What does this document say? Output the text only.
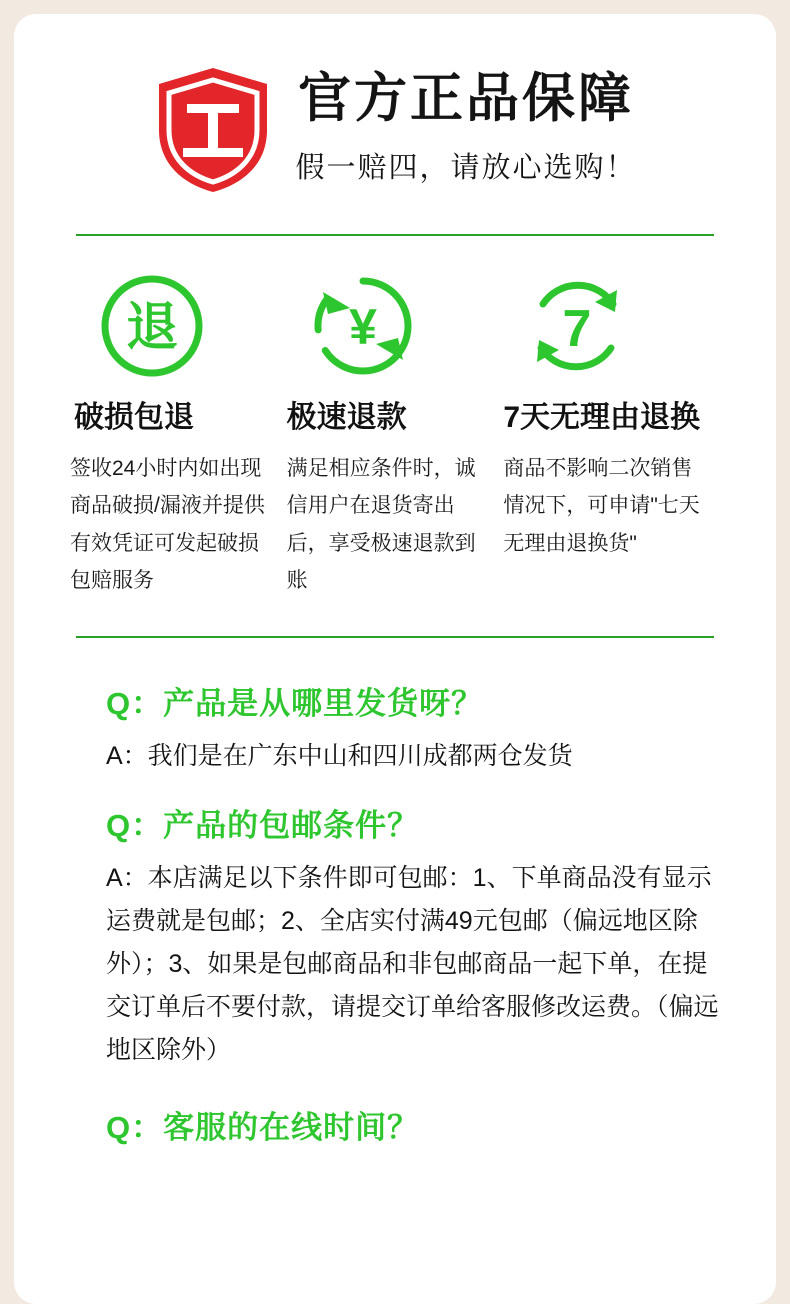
官方正品保障
假一赔四，请放心选购！
退
破损包退

签收24小时内如出现商品破损/漏液并提供有效凭证可发起破损包赔服务

¥
极速退款

满足相应条件时，诚信用户在退货寄出后，享受极速退款到账

7
7天无理由退换

商品不影响二次销售情况下，可申请"七天无理由退换货"

Q：产品是从哪里发货呀？
A：我们是在广东中山和四川成都两仓发货
Q：产品的包邮条件？
A：本店满足以下条件即可包邮：1、下单商品没有显示运费就是包邮；2、全店实付满49元包邮（偏远地区除外）；3、如果是包邮商品和非包邮商品一起下单，在提交订单后不要付款，请提交订单给客服修改运费。（偏远地区除外）
Q：客服的在线时间？
